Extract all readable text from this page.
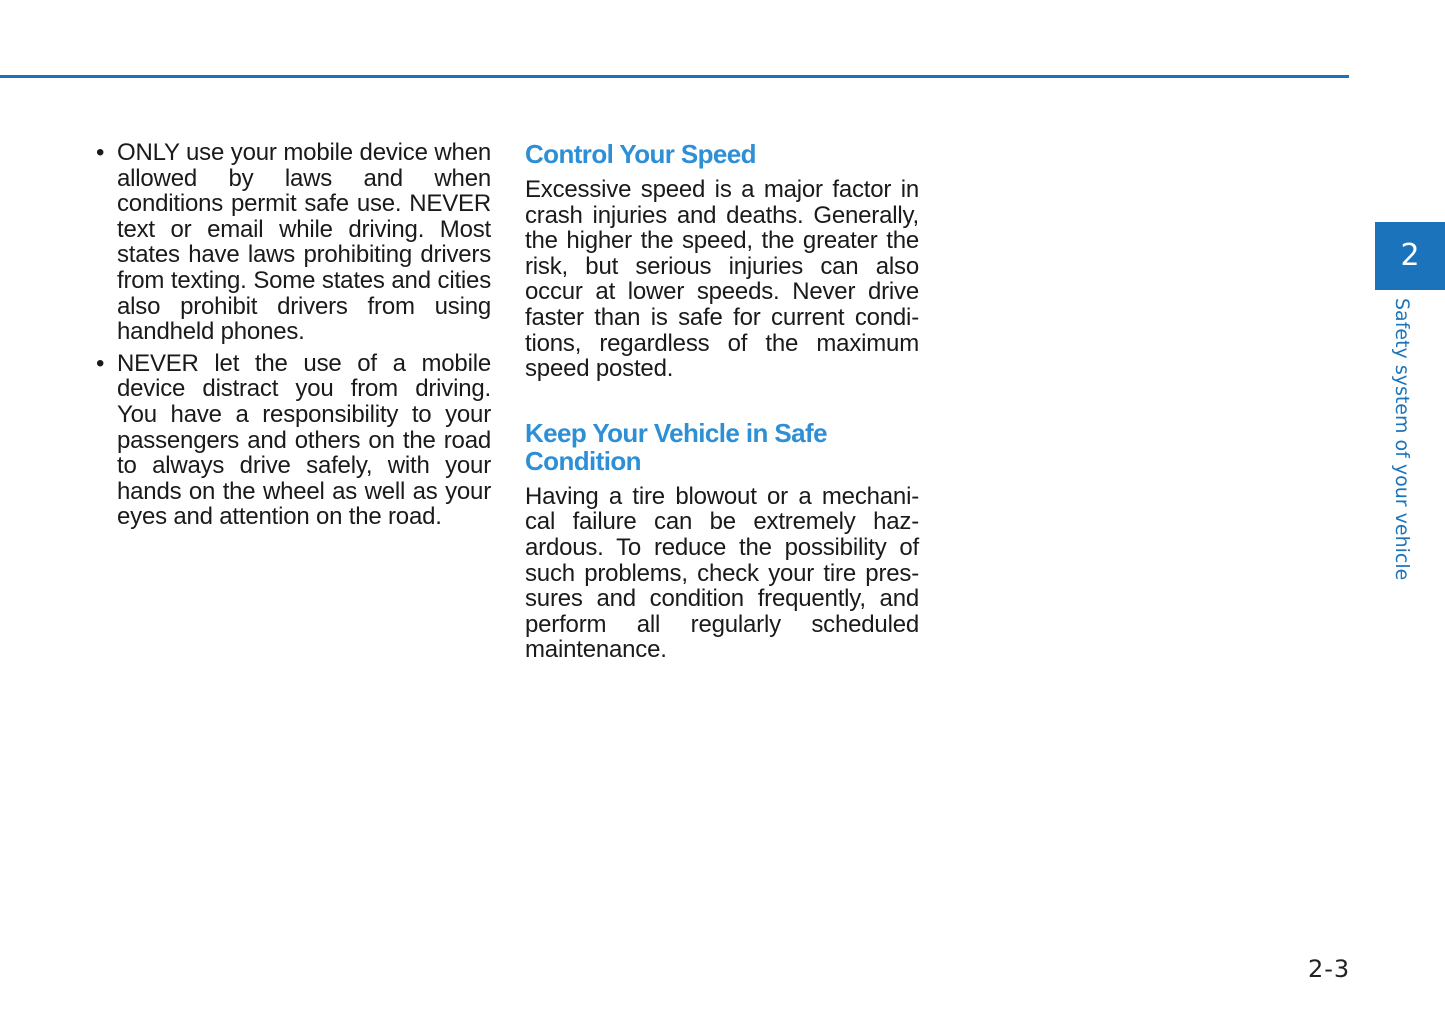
• ONLY use your mobile device when allowed by laws and when conditions permit safe use. NEVER text or email while driving. Most states have laws prohibiting drivers from texting. Some states and cities also prohibit drivers from using handheld phones.
• NEVER let the use of a mobile device distract you from driving. You have a responsibility to your passengers and others on the road to always drive safely, with your hands on the wheel as well as your eyes and attention on the road.
Control Your Speed

Excessive speed is a major factor in crash injuries and deaths. Generally, the higher the speed, the greater the risk, but serious injuries can also occur at lower speeds. Never drive faster than is safe for current condi-tions, regardless of the maximum speed posted.

Keep Your Vehicle in Safe Condition

Having a tire blowout or a mechani-cal failure can be extremely haz-ardous. To reduce the possibility of such problems, check your tire pres-sures and condition frequently, and perform all regularly scheduled maintenance.

2
Safety system of your vehicle
2-3
